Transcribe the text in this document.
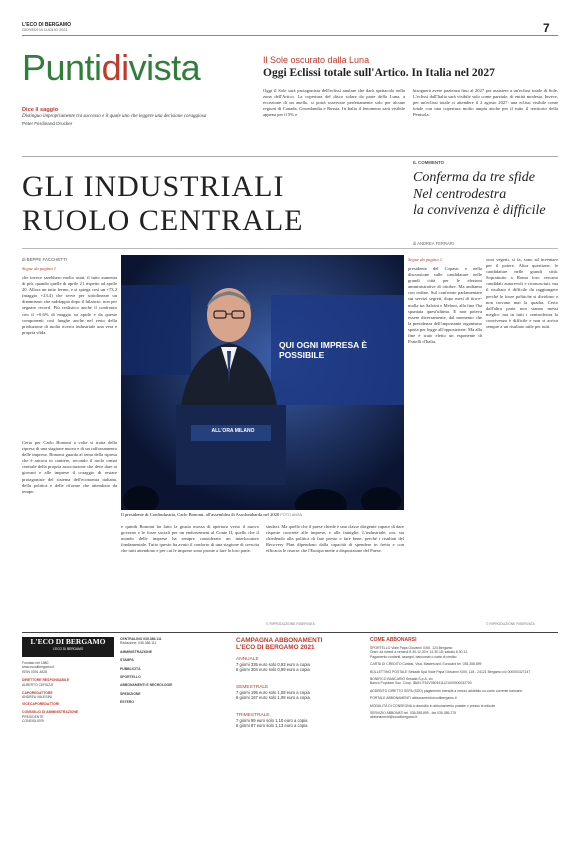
L'ECO DI BERGAMO
GIOVEDÌ 10 LUGLIO 2021	7
Puntidivista
Dice il saggio
Distinguo impropriamente tra successo e il quale uno che leggere una decisione coraggiosa
Peter Ferdinand Drucker
Il Sole oscurato dalla Luna
Oggi Eclissi totale sull'Artico. In Italia nel 2027
Oggi il Sole sarà protagonista dell'eclissi anulare che darà spettacolo nella zona dell'Artico. La copertura del disco solare da parte della Luna, a eccezione di un anello, si potrà osservare perfettamente solo per alcune regioni di Canada, Groenlandia e Russia. In Italia il fenomeno sarà visibile appena per il 5% e
bisognerà avere pazienza fino al 2027 per assistere a un'eclissi totale di Sole. L'eclissi dall'Italia sarà visibile solo come parziale, di entità modesta. Invece, per un'eclissi totale ci attendere il 2 agosto 2027: una eclissi visibile come totale con una copertura molto ampia anche per il tutto il territorio della Penisola.
GLI INDUSTRIALI
RUOLO CENTRALE
IL COMMENTO
Conferma da tre sfide
Nel centrodestra
la convivenza è difficile
di ANDREA FERRARI
di BEPPE FACCHETTI
Segue da pagina 1
che invece sarebbero molto usati, il tutto aumenta di più, quando quelle di aprile 21 rispetto ad aprile 20. Allora un tutto fermo, e si spiega così un +73,2 (maggio +23,4) che serve per sottolineare un dinamismo che raddoppia dopo il bilancio, non per segnare record. Più realistico anche il confronto con il +0,6% di maggio su aprile e da queste componenti così lunghe anche nel resto della produzione di molta ricerca industriale una vera e propria sfida.
Certo per Carlo Bonomi a volte si tratta della ripresa di una stagione nuova e di un rafforzamento delle imprese. Bonomi guarda al tema della ripresa che è ancora in cantiere, secondo il ruolo ormai centrale della propria associazione che deve dare ai giovani e alle imprese il coraggio di restare protagoniste del sistema dell'economia italiana, della politica e delle riforme che attendono da tempo.
QUI OGNI IMPRESA È POSSIBILE
ALL'ORA MILANO
Il presidente di Confindustria, Carlo Bonomi, all'assemblea di Assolombarda nel 2020 FOTO ANSA
e quindi Bonomi ha fatto la giusta mossa di apertura verso il nuovo governo e le forze sociali per un endorsement al Conte II, quello che il mondo delle imprese ha sempre considerato un interlocutore fondamentale. Tutto questo ha avuto il conforto di una stagione di crescita che tutti attendono e per cui le imprese sono pronte a fare la loro parte.
sindaci. Ma quello che il paese chiede è una classe dirigente capace di dare risposte concrete alle imprese, e alle famiglie. L'industriale, ora, sta chiedendo alla politica di fare presto e fare bene, perché i risultati del Recovery Plan dipendono dalla capacità di spendere in fretta e con efficacia le risorse che l'Europa mette a disposizione del Paese.
© RIPRODUZIONE RISERVATA
Segue da pagina 1
presidente del Copasir e nella discussione sulle candidature nelle grandi città per le elezioni amministrative di ottobre. Ma andiamo con ordine. Sul confronto parlamentare sui servizi segreti, dopo mesi di tira-e-molla tra Salvini e Meloni, alla fine l'ha spuntata quest'ultima. E non poteva essere diversamente, dal momento che la presidenza dell'importante organismo spetta per legge all'opposizione. Ma alla fine è stato eletto un esponente di Fratelli d'Italia.
vuoi vegetti, si fa, sono ad inventare per il potere. Altra questione, le candidature nelle grandi città. Soprattutto a Roma loro cercano candidati autorevoli e riconosciuti, ma il risultato è difficile da raggiungere perché le forze politiche si dividono e non trovano mai la quadra. Certo dall'altra parte non stanno messi meglio: ma in tutti i centrodestra la convivenza è difficile e non si arriva sempre a un risultato utile per tutti.
© RIPRODUZIONE RISERVATA
L'ECO DI BERGAMO
L'ECO DI BERGAMO
Fondato nel 1880
www.ecodibergamo.it
ISSN 0391-4828
DIRETTORE RESPONSABILE
ALBERTO CERUZZI
CAPOREDATTORE
ANDREA VALESINI
VICECAPOREDATTORI
CONSIGLIO DI AMMINISTRAZIONE
PRESIDENTE
CONSIGLIERI
CENTRALINO 035.386.111
Redazione: 035.386.111
AMMINISTRAZIONE
STAMPA
PUBBLICITÀ
SPORTELLO
ABBONAMENTI E NECROLOGIE
SPEDIZIONE
ESTERO
CAMPAGNA ABBONAMENTI
L'ECO DI BERGAMO 2021
ANNUALE
7 giorni 335 euro solo 0,93 euro a copia
6 giorni 304 euro solo 0,99 euro a copia
SEMESTRALE
7 giorni 195 euro solo 1,08 euro a copia
6 giorni 167 euro solo 1,08 euro a copia
TRIMESTRALE
7 giorni 99 euro solo 1,10 euro a copia
6 giorni 87 euro solo 1,13 euro a copia
COME ABBONARSI
SPORTELLO Viale Papa Giovanni XXIII, 124 Bergamo
Orari: da lunedì a venerdì 8.30-12.30 e 14.30-18; sabato 8.30-12.
Pagamento contanti, assegni, bancomat o carta di credito
CARTA DI CREDITO Cartasì, Visa, Mastercard, Eurocard tel. 035.358.899
BOLLETTINO POSTALE Sesaab SpA Viale Papa Giovanni XXIII, 118 - 24121 Bergamo c/c 000000327247
BONIFICO BANCARIO Sesaab S.p.A. c/c
Banco Popolare Soc. Coop. IBAN IT61V0503411121000000032700
ADDEBITO DIRETTO SEPA (SDD) pagamento mensile a mezzo addebito su conto corrente bancario
PORTALE ABBONAMENTI abbonamenti.ecodibergamo.it
MODALITÀ DI CONSEGNA a domicilio in abbonamento postale o presso le edicole
SERVIZIO ABBONATI tel. 035.358.899 - fax 035.385.275
abbonamenti@ecodibergamo.it
